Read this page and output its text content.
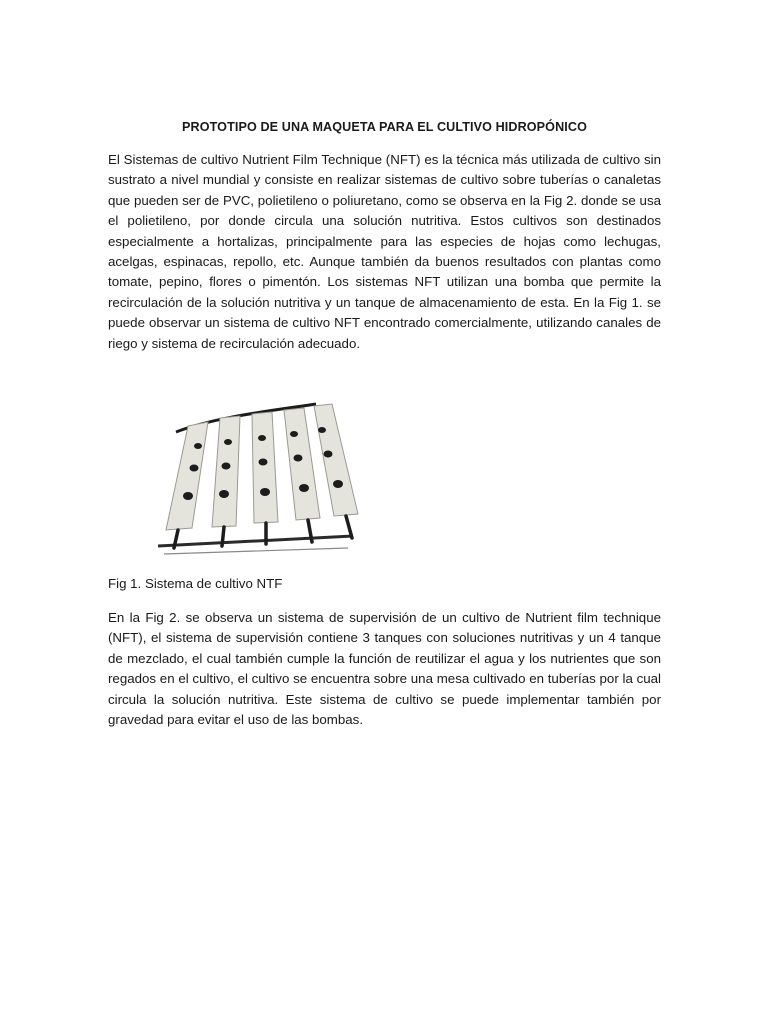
PROTOTIPO DE UNA MAQUETA PARA EL CULTIVO HIDROPÓNICO

El Sistemas de cultivo Nutrient Film Technique (NFT) es la técnica más utilizada de cultivo sin sustrato a nivel mundial y consiste en realizar sistemas de cultivo sobre tuberías o canaletas que pueden ser de PVC, polietileno o poliuretano, como se observa en la Fig 2. donde se usa el polietileno, por donde circula una solución nutritiva. Estos cultivos son destinados especialmente a hortalizas, principalmente para las especies de hojas como lechugas, acelgas, espinacas, repollo, etc. Aunque también da buenos resultados con plantas como tomate, pepino, flores o pimentón. Los sistemas NFT utilizan una bomba que permite la recirculación de la solución nutritiva y un tanque de almacenamiento de esta. En la Fig 1. se puede observar un sistema de cultivo NFT encontrado comercialmente, utilizando canales de riego y sistema de recirculación adecuado.

Fig 1. Sistema de cultivo NTF

En la Fig 2. se observa un sistema de supervisión de un cultivo de Nutrient film technique (NFT), el sistema de supervisión contiene 3 tanques con soluciones nutritivas y un 4 tanque de mezclado, el cual también cumple la función de reutilizar el agua y los nutrientes que son regados en el cultivo, el cultivo se encuentra sobre una mesa cultivado en tuberías por la cual circula la solución nutritiva. Este sistema de cultivo se puede implementar también por gravedad para evitar el uso de las bombas.
